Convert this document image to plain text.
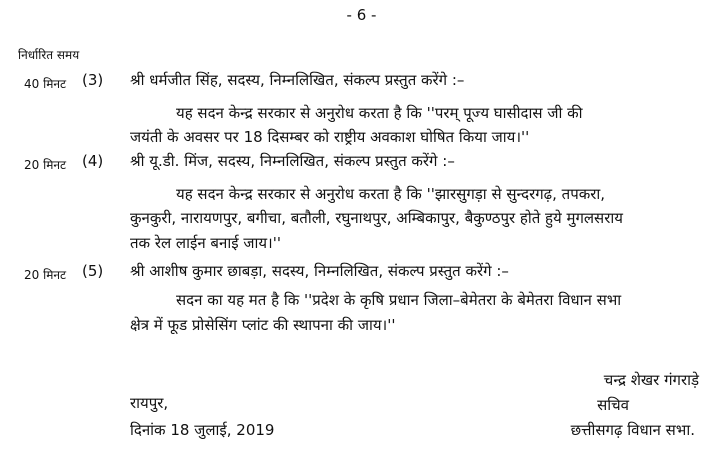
- 6 -
निर्धारित समय
40 मिनट (3) श्री धर्मजीत सिंह, सदस्य, निम्नलिखित, संकल्प प्रस्तुत करेंगे :–
यह सदन केन्द्र सरकार से अनुरोध करता है कि ''परम् पूज्य घासीदास जी की
जयंती के अवसर पर 18 दिसम्बर को राष्ट्रीय अवकाश घोषित किया जाय।''
20 मिनट (4) श्री यू.डी. मिंज, सदस्य, निम्नलिखित, संकल्प प्रस्तुत करेंगे :–
यह सदन केन्द्र सरकार से अनुरोध करता है कि ''झारसुगड़ा से सुन्दरगढ़, तपकरा,
कुनकुरी, नारायणपुर, बगीचा, बतौली, रघुनाथपुर, अम्बिकापुर, बैकुण्ठपुर होते हुये मुगलसराय
तक रेल लाईन बनाई जाय।''
20 मिनट (5) श्री आशीष कुमार छाबड़ा, सदस्य, निम्नलिखित, संकल्प प्रस्तुत करेंगे :–
सदन का यह मत है कि ''प्रदेश के कृषि प्रधान जिला–बेमेतरा के बेमेतरा विधान सभा
क्षेत्र में फूड प्रोसेसिंग प्लांट की स्थापना की जाय।''
रायपुर,
दिनांक 18 जुलाई, 2019
चन्द्र शेखर गंगराड़े
सचिव
छत्तीसगढ़ विधान सभा.
